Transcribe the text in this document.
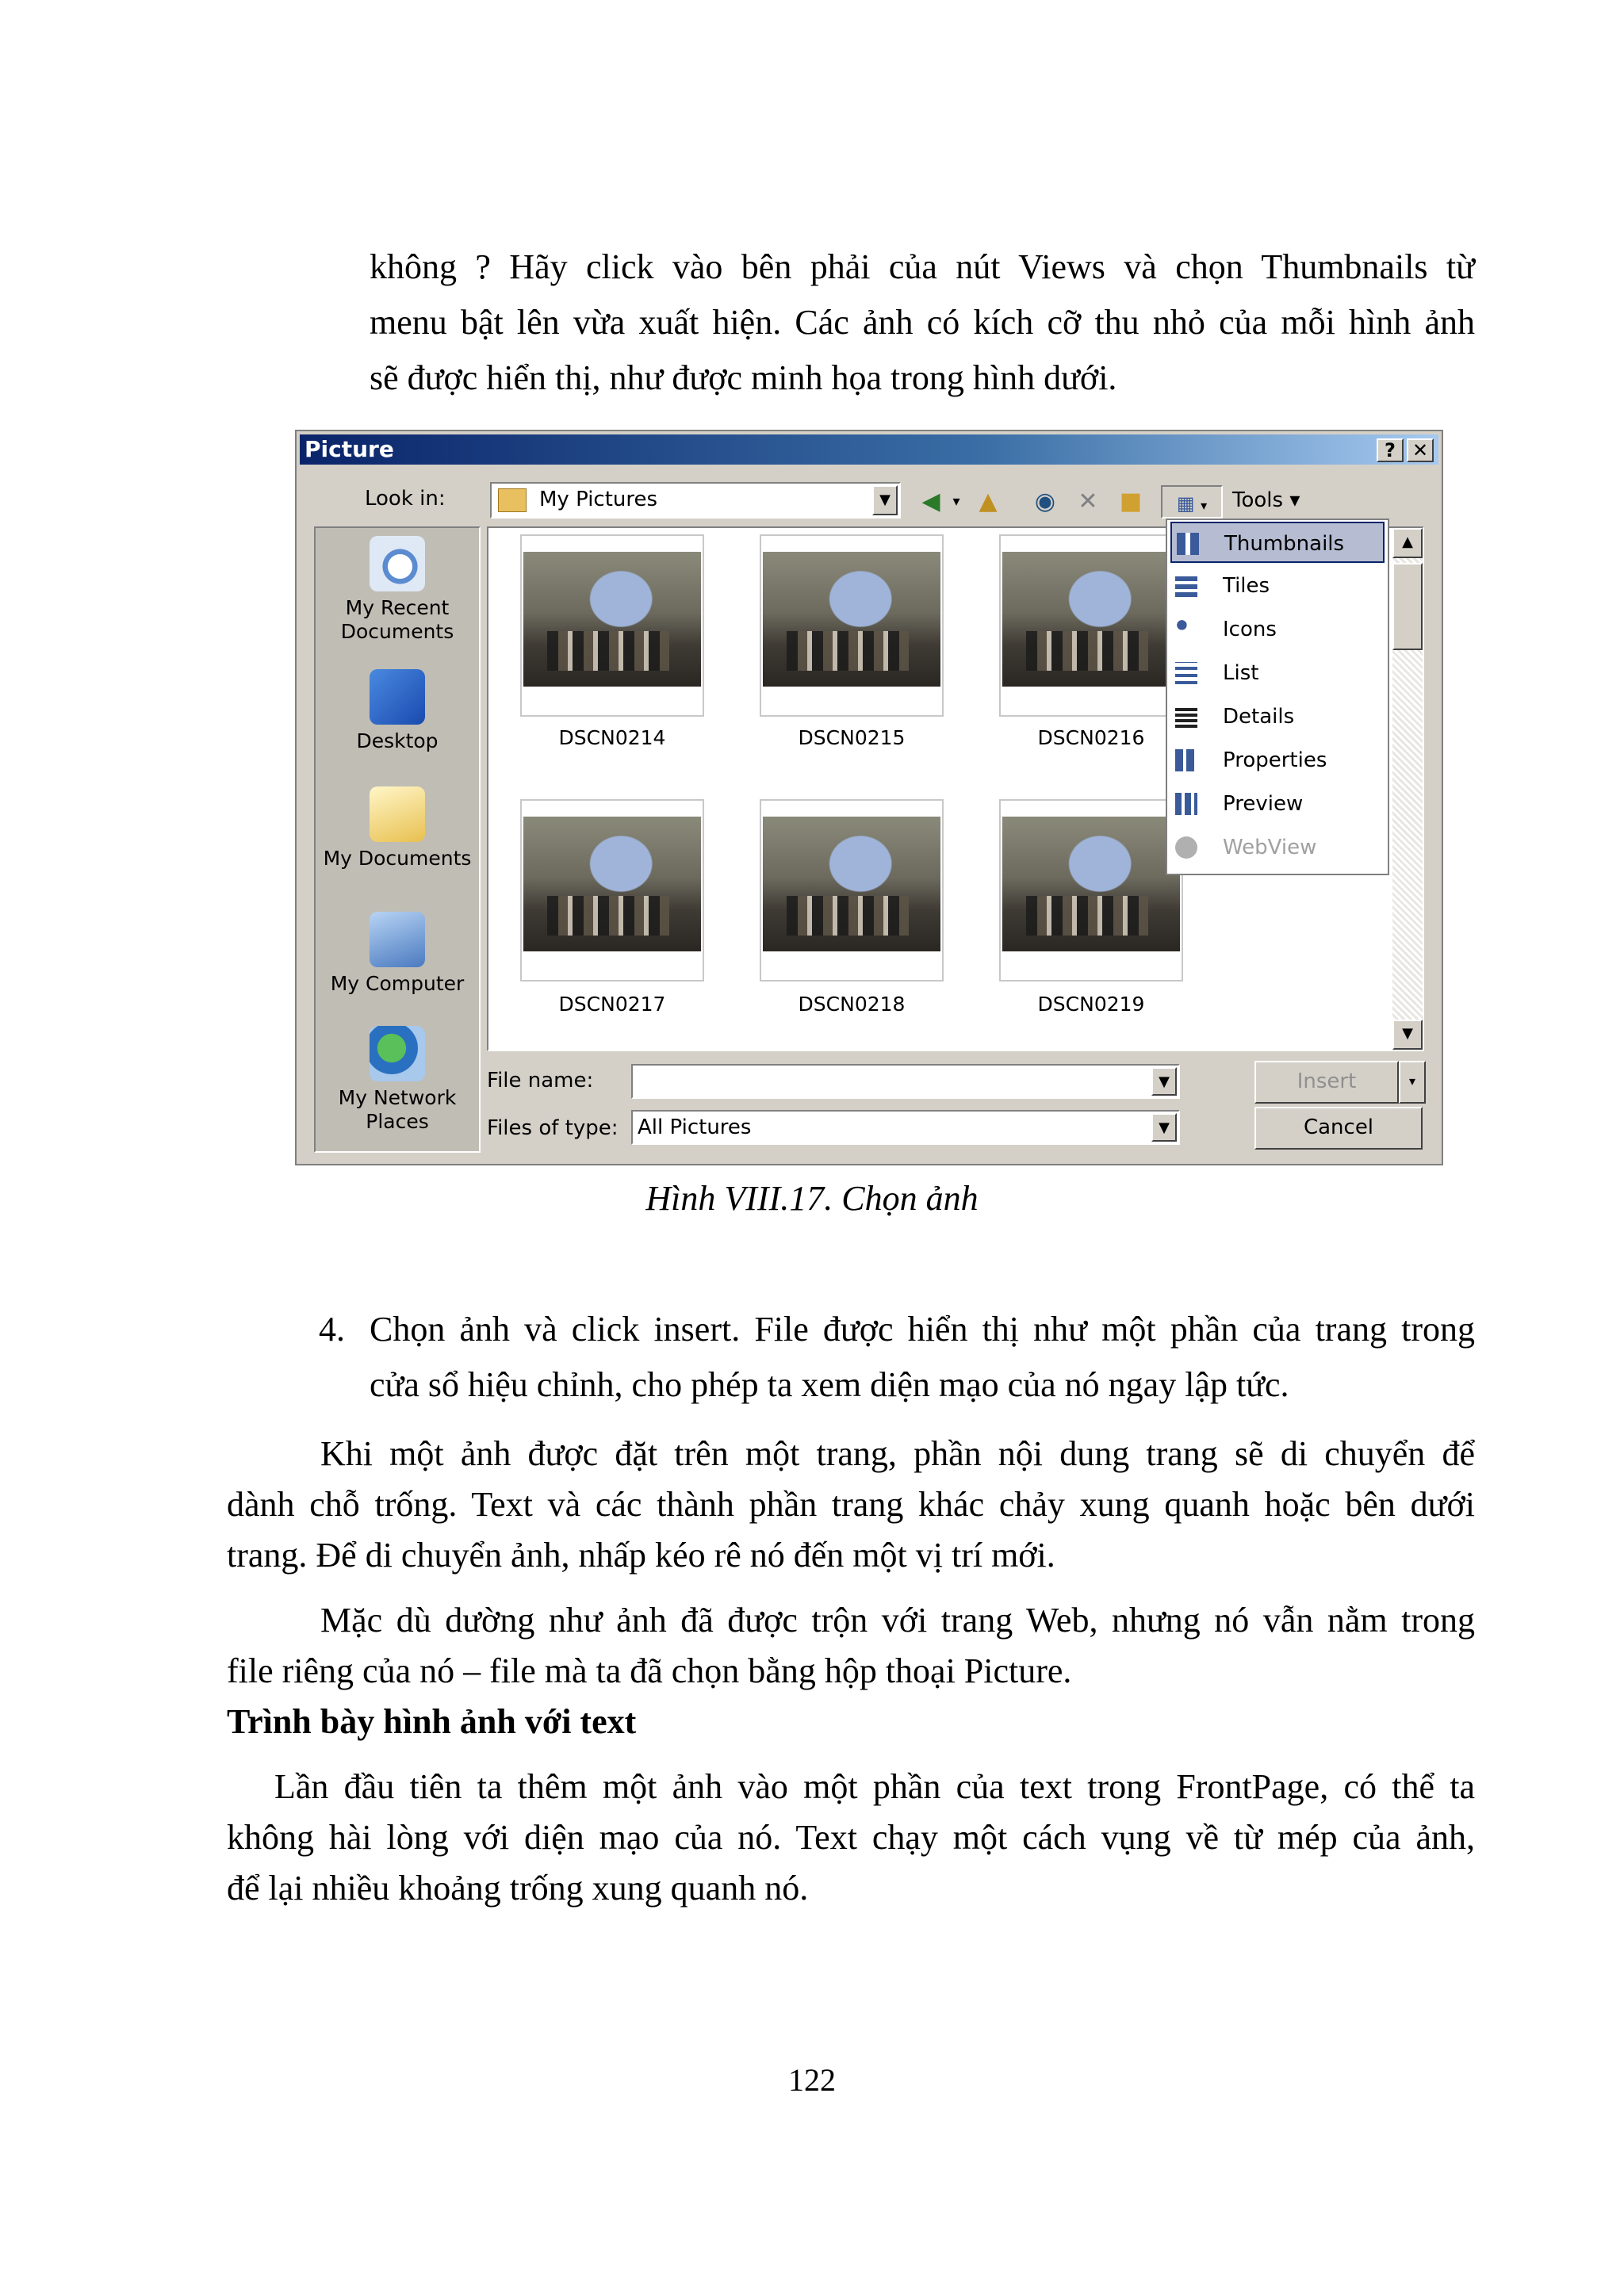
không ? Hãy click vào bên phải của nút Views và chọn Thumbnails từ
menu bật lên vừa xuất hiện. Các ảnh có kích cỡ thu nhỏ của mỗi hình ảnh
sẽ được hiển thị, như được minh họa trong hình dưới.
Picture	? ✕
Look in:	My Pictures	▼	◀ ▾ ▲	◉ ✕ ■	▦ ▾	Tools ▾
My Recent Documents
Desktop
My Documents
My Computer
My Network Places
DSCN0214	DSCN0215	DSCN0216
DSCN0217	DSCN0218	DSCN0219
▲
▼
Thumbnails
Tiles
Icons
List
Details
Properties
Preview
WebView
File name:	▼
Files of type: All Pictures	▼
Insert	▾
Cancel
Hình VIII.17. Chọn ảnh
4. Chọn ảnh và click insert. File được hiển thị như một phần của trang trong
cửa sổ hiệu chỉnh, cho phép ta xem diện mạo của nó ngay lập tức.
Khi một ảnh được đặt trên một trang, phần nội dung trang sẽ di chuyển để
dành chỗ trống. Text và các thành phần trang khác chảy xung quanh hoặc bên dưới
trang. Để di chuyển ảnh, nhấp kéo rê nó đến một vị trí mới.
Mặc dù dường như ảnh đã được trộn với trang Web, nhưng nó vẫn nằm trong
file riêng của nó – file mà ta đã chọn bằng hộp thoại Picture.
Trình bày hình ảnh với text
Lần đầu tiên ta thêm một ảnh vào một phần của text trong FrontPage, có thể ta
không hài lòng với diện mạo của nó. Text chạy một cách vụng về từ mép của ảnh,
để lại nhiều khoảng trống xung quanh nó.
122
